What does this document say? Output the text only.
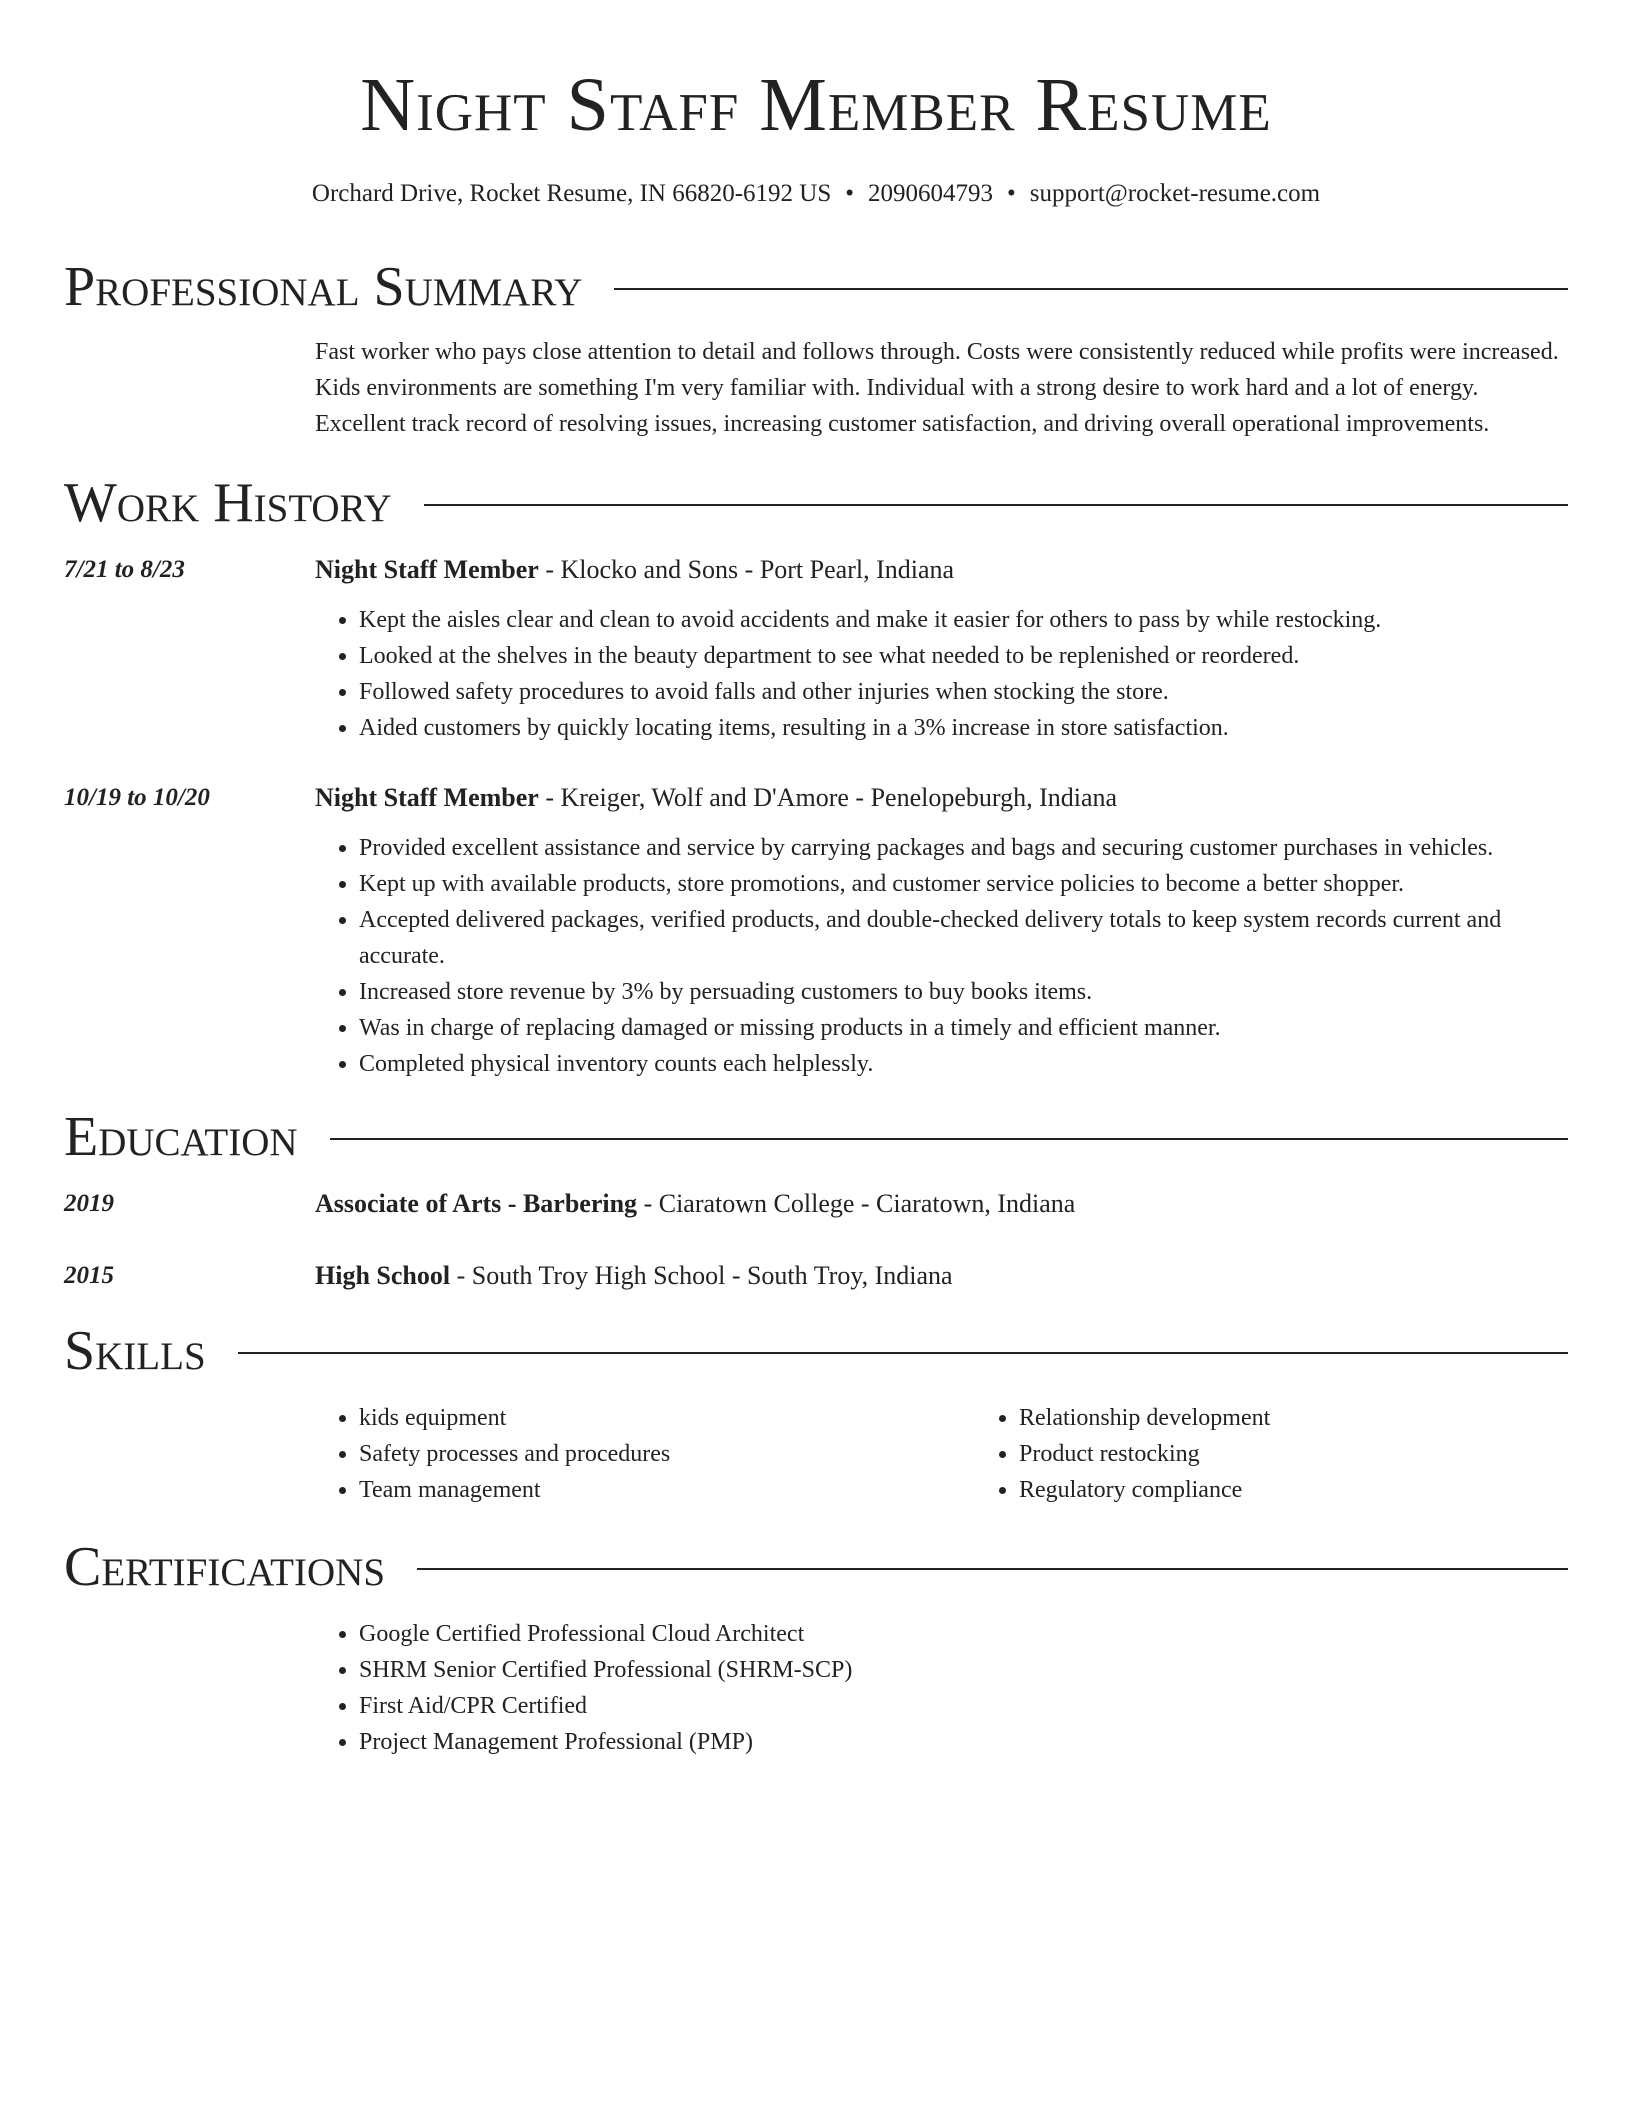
Night Staff Member Resume
Orchard Drive, Rocket Resume, IN 66820-6192 US • 2090604793 • support@rocket-resume.com
Professional Summary
Fast worker who pays close attention to detail and follows through. Costs were consistently reduced while profits were increased. Kids environments are something I'm very familiar with. Individual with a strong desire to work hard and a lot of energy. Excellent track record of resolving issues, increasing customer satisfaction, and driving overall operational improvements.
Work History
7/21 to 8/23	Night Staff Member - Klocko and Sons - Port Pearl, Indiana
• Kept the aisles clear and clean to avoid accidents and make it easier for others to pass by while restocking.
• Looked at the shelves in the beauty department to see what needed to be replenished or reordered.
• Followed safety procedures to avoid falls and other injuries when stocking the store.
• Aided customers by quickly locating items, resulting in a 3% increase in store satisfaction.
10/19 to 10/20	Night Staff Member - Kreiger, Wolf and D'Amore - Penelopeburgh, Indiana
• Provided excellent assistance and service by carrying packages and bags and securing customer purchases in vehicles.
• Kept up with available products, store promotions, and customer service policies to become a better shopper.
• Accepted delivered packages, verified products, and double-checked delivery totals to keep system records current and accurate.
• Increased store revenue by 3% by persuading customers to buy books items.
• Was in charge of replacing damaged or missing products in a timely and efficient manner.
• Completed physical inventory counts each helplessly.
Education
2019	Associate of Arts - Barbering - Ciaratown College - Ciaratown, Indiana
2015	High School - South Troy High School - South Troy, Indiana
Skills
• kids equipment
• Safety processes and procedures
• Team management
• Relationship development
• Product restocking
• Regulatory compliance
Certifications
• Google Certified Professional Cloud Architect
• SHRM Senior Certified Professional (SHRM-SCP)
• First Aid/CPR Certified
• Project Management Professional (PMP)
